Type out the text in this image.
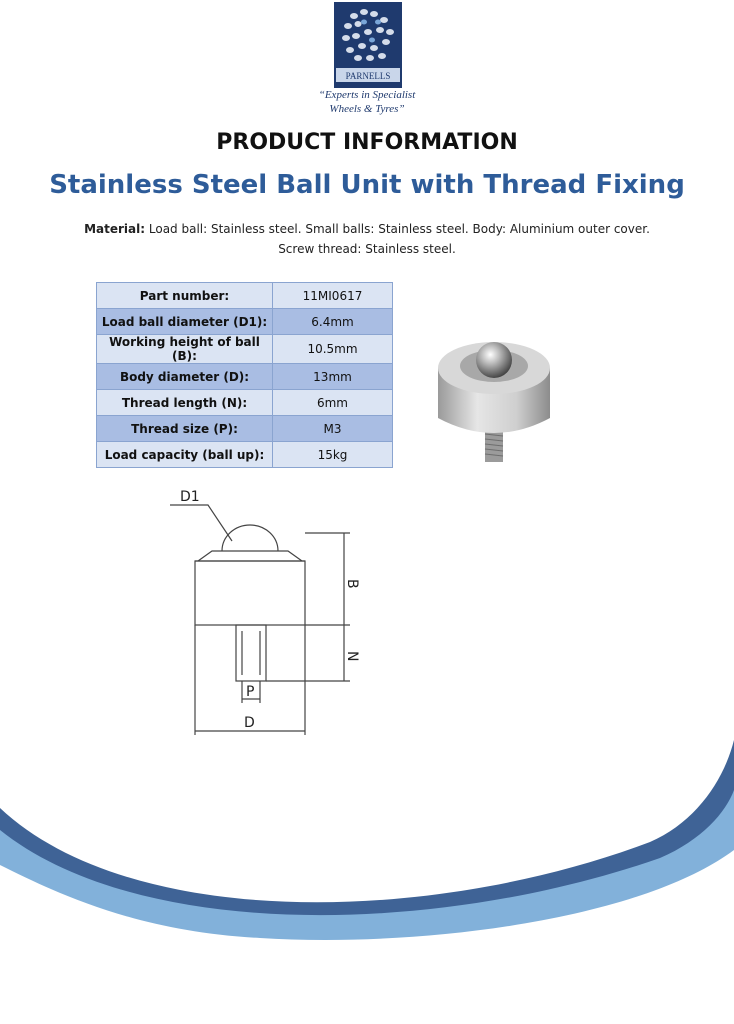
PARNELLS
“Experts in Specialist
Wheels & Tyres”
PRODUCT INFORMATION
Stainless Steel Ball Unit with Thread Fixing
Material: Load ball: Stainless steel. Small balls: Stainless steel. Body: Aluminium outer cover.
Screw thread: Stainless steel.
Part number:	11MI0617
Load ball diameter (D1):	6.4mm
Working height of ball (B):	10.5mm
Body diameter (D):	13mm
Thread length (N):	6mm
Thread size (P):	M3
Load capacity (ball up):	15kg
D1
B
N
P
D
